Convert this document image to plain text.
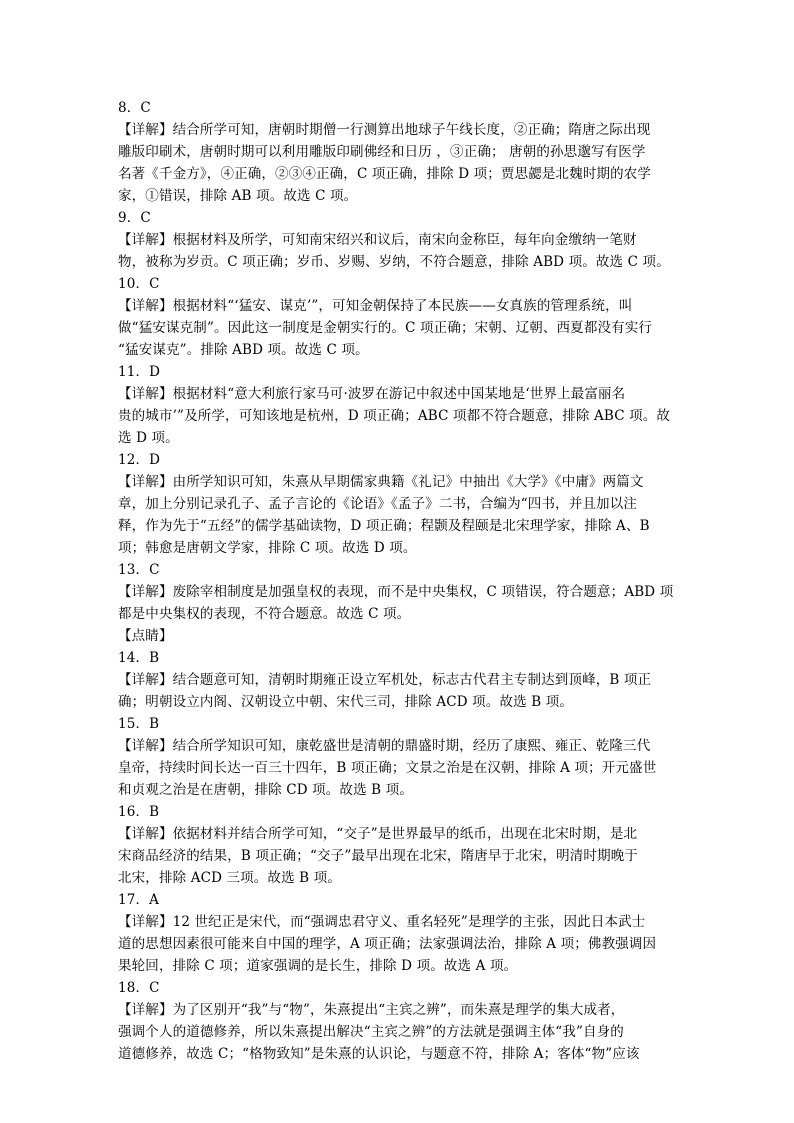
8．C
【详解】结合所学可知，唐朝时期僧一行测算出地球子午线长度，②正确；隋唐之际出现
雕版印刷术，唐朝时期可以利用雕版印刷佛经和日历 ，③正确； 唐朝的孙思邈写有医学
名著《千金方》，④正确，②③④正确，C 项正确，排除 D 项；贾思勰是北魏时期的农学
家，①错误，排除 AB 项。故选 C 项。
9．C
【详解】根据材料及所学，可知南宋绍兴和议后，南宋向金称臣，每年向金缴纳一笔财
物，被称为岁贡。C 项正确；岁币、岁赐、岁纳，不符合题意，排除 ABD 项。故选 C 项。
10．C
【详解】根据材料“‘猛安、谋克’”，可知金朝保持了本民族——女真族的管理系统，叫
做“猛安谋克制”。因此这一制度是金朝实行的。C 项正确；宋朝、辽朝、西夏都没有实行
“猛安谋克”。排除 ABD 项。故选 C 项。
11．D
【详解】根据材料“意大利旅行家马可·波罗在游记中叙述中国某地是‘世界上最富丽名
贵的城市’”及所学，可知该地是杭州，D 项正确；ABC 项都不符合题意，排除 ABC 项。故
选 D 项。
12．D
【详解】由所学知识可知，朱熹从早期儒家典籍《礼记》中抽出《大学》《中庸》两篇文
章，加上分别记录孔子、孟子言论的《论语》《孟子》二书，合编为“四书，并且加以注
释，作为先于“五经”的儒学基础读物，D 项正确；程颢及程颐是北宋理学家，排除 A、B
项；韩愈是唐朝文学家，排除 C 项。故选 D 项。
13．C
【详解】废除宰相制度是加强皇权的表现，而不是中央集权，C 项错误，符合题意；ABD 项
都是中央集权的表现，不符合题意。故选 C 项。
【点睛】
14．B
【详解】结合题意可知，清朝时期雍正设立军机处，标志古代君主专制达到顶峰，B 项正
确；明朝设立内阁、汉朝设立中朝、宋代三司，排除 ACD 项。故选 B 项。
15．B
【详解】结合所学知识可知，康乾盛世是清朝的鼎盛时期，经历了康熙、雍正、乾隆三代
皇帝，持续时间长达一百三十四年，B 项正确；文景之治是在汉朝，排除 A 项；开元盛世
和贞观之治是在唐朝，排除 CD 项。故选 B 项。
16．B
【详解】依据材料并结合所学可知，“交子”是世界最早的纸币，出现在北宋时期，是北
宋商品经济的结果，B 项正确；“交子”最早出现在北宋，隋唐早于北宋，明清时期晚于
北宋，排除 ACD 三项。故选 B 项。
17．A
【详解】12 世纪正是宋代，而“强调忠君守义、重名轻死”是理学的主张，因此日本武士
道的思想因素很可能来自中国的理学，A 项正确；法家强调法治，排除 A 项；佛教强调因
果轮回，排除 C 项；道家强调的是长生，排除 D 项。故选 A 项。
18．C
【详解】为了区别开“我”与“物”，朱熹提出“主宾之辨”，而朱熹是理学的集大成者，
强调个人的道德修养，所以朱熹提出解决“主宾之辨”的方法就是强调主体“我”自身的
道德修养，故选 C；“格物致知”是朱熹的认识论，与题意不符，排除 A；客体“物”应该
